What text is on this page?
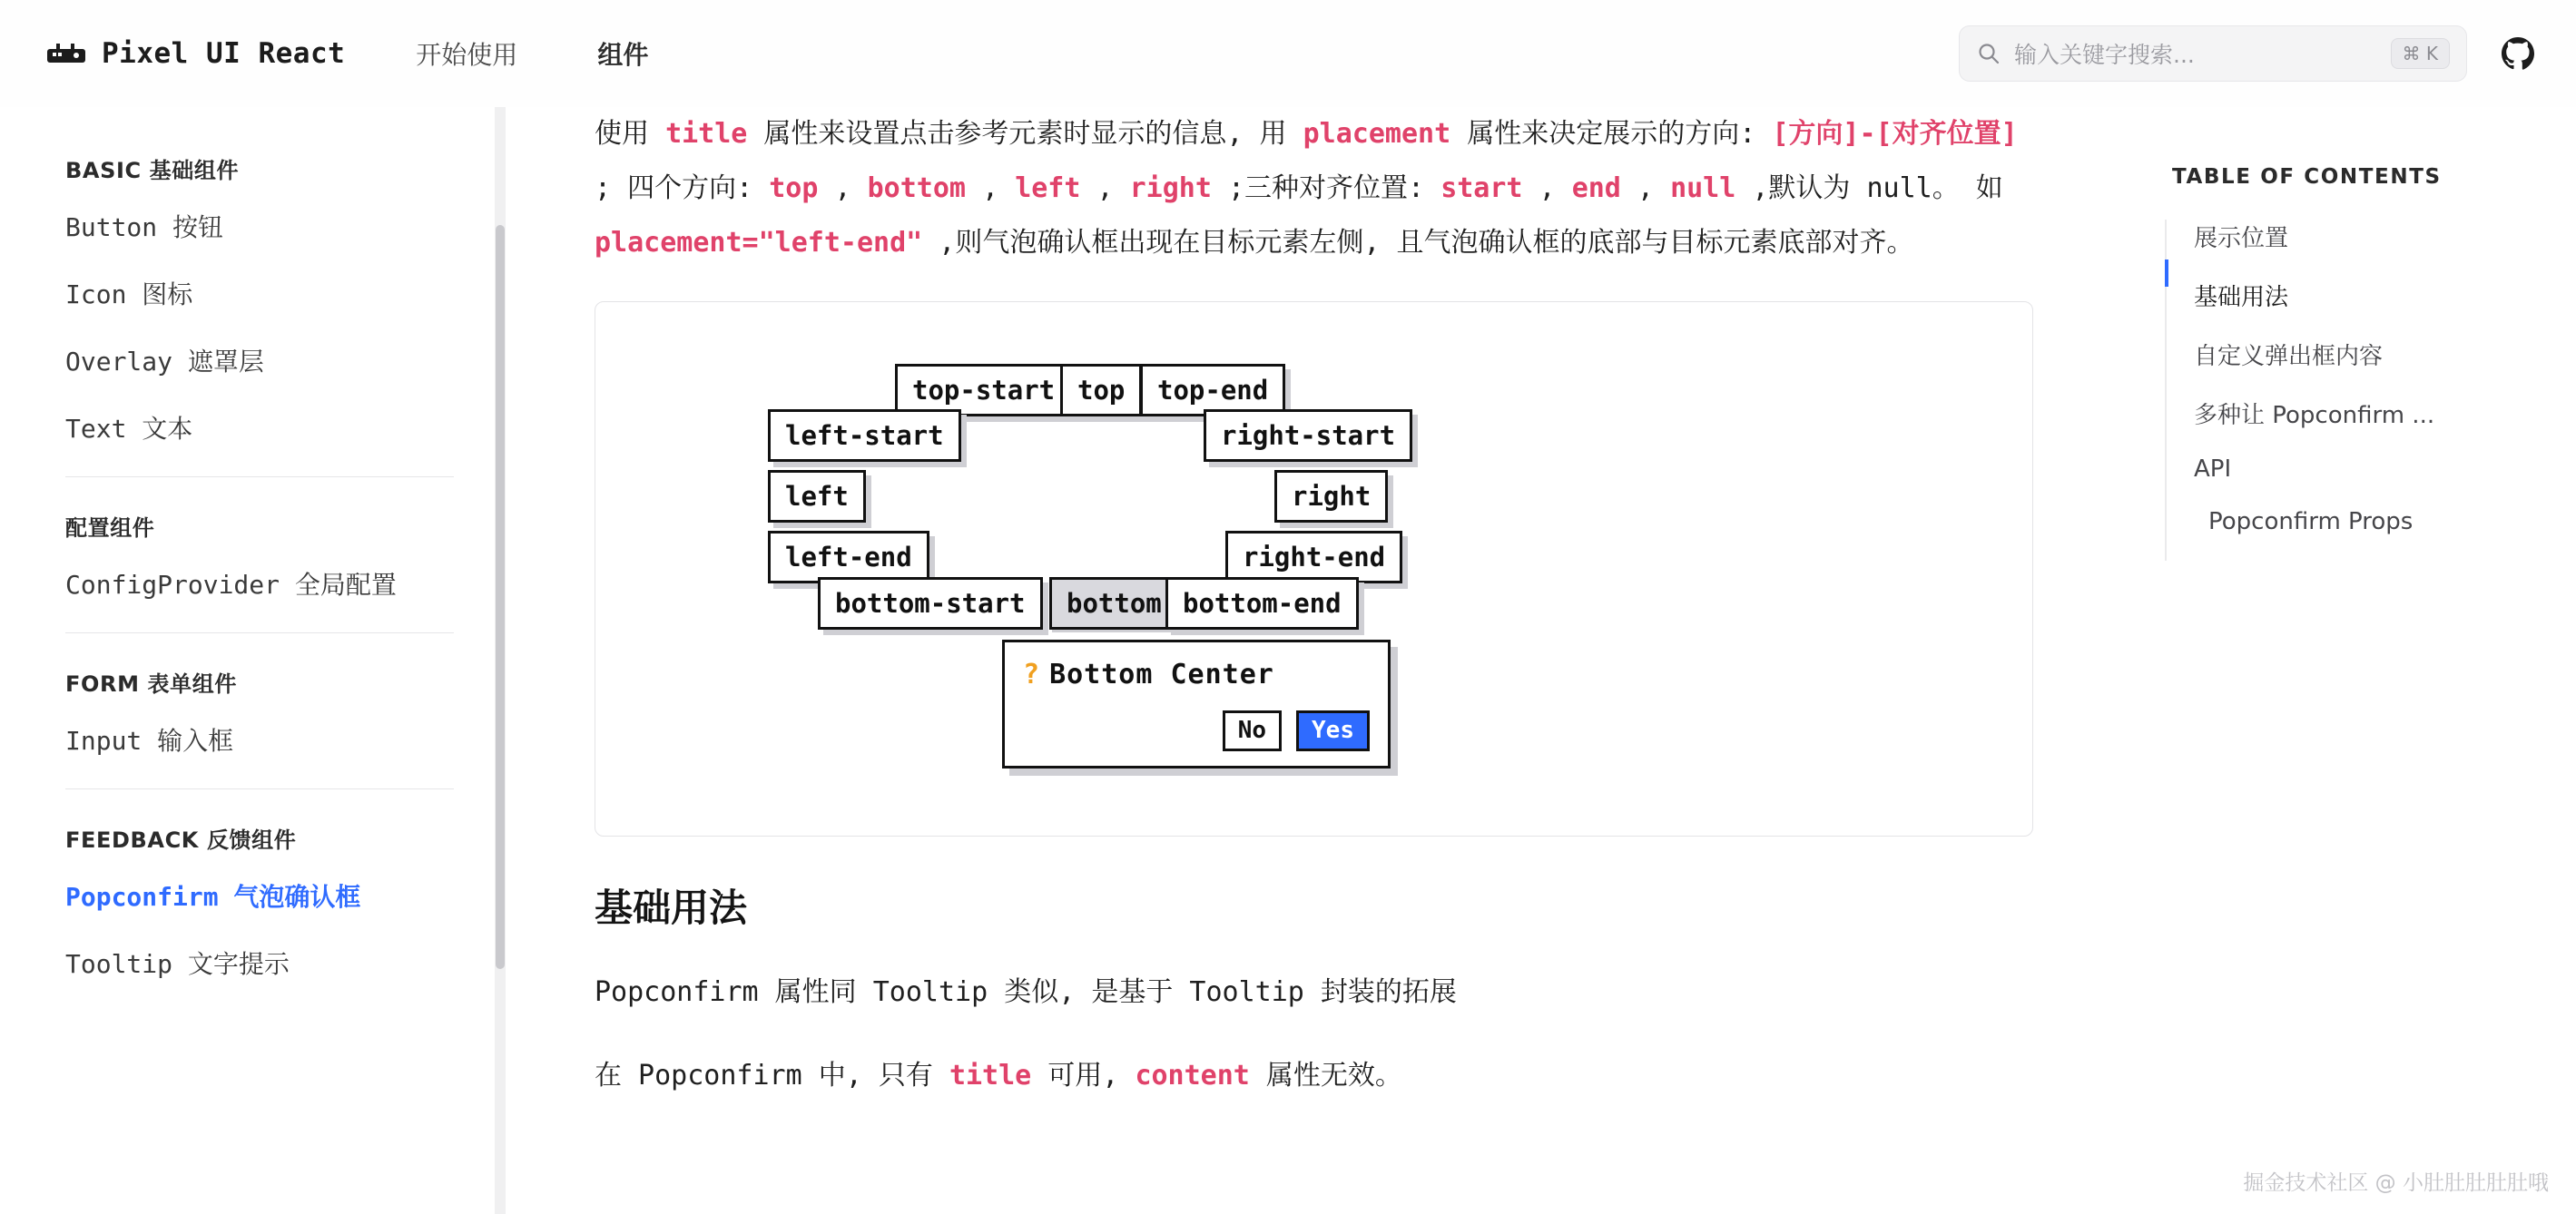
Pixel UI React	开始使用	组件	输入关键字搜索...	⌘ K
BASIC 基础组件
Button 按钮
Icon 图标
Overlay 遮罩层
Text 文本
配置组件
ConfigProvider 全局配置
FORM 表单组件
Input 输入框
FEEDBACK 反馈组件
Popconfirm 气泡确认框
Tooltip 文字提示

使用 title 属性来设置点击参考元素时显示的信息, 用 placement 属性来决定展示的方向: [方向]-[对齐位置] ; 四个方向: top , bottom , left , right ;三种对齐位置: start , end , null ,默认为 null。 如 placement="left-end" ,则气泡确认框出现在目标元素左侧, 且气泡确认框的底部与目标元素底部对齐。

top-start top	top-end
left-start	right-start
left	right
left-end	right-end
bottom-start	bottom bottom-end
? Bottom Center
No	Yes
基础用法

Popconfirm 属性同 Tooltip 类似, 是基于 Tooltip 封装的拓展

在 Popconfirm 中, 只有 title 可用, content 属性无效。

TABLE OF CONTENTS
展示位置
基础用法
自定义弹出框内容
多种让 Popconfirm ...
API
Popconfirm Props
掘金技术社区 @ 小肚肚肚肚肚哦
